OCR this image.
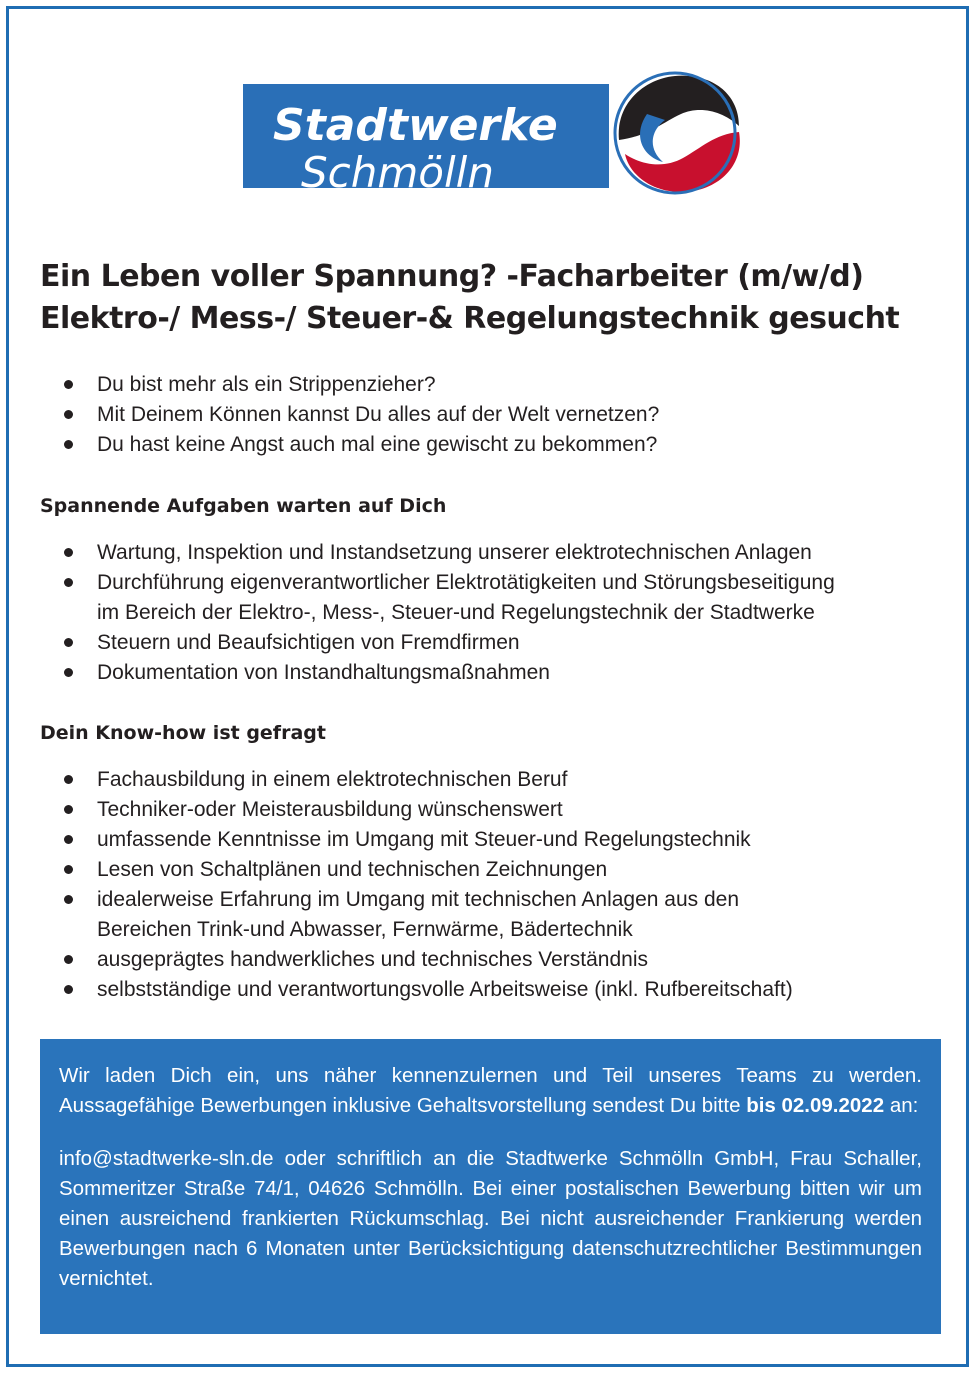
Stadtwerke
Schmölln
Ein Leben voller Spannung? -Facharbeiter (m/w/d)
Elektro-/ Mess-/ Steuer-& Regelungstechnik gesucht
Du bist mehr als ein Strippenzieher?
Mit Deinem Können kannst Du alles auf der Welt vernetzen?
Du hast keine Angst auch mal eine gewischt zu bekommen?
Spannende Aufgaben warten auf Dich
Wartung, Inspektion und Instandsetzung unserer elektrotechnischen Anlagen
Durchführung eigenverantwortlicher Elektrotätigkeiten und Störungsbeseitigung
im Bereich der Elektro-, Mess-, Steuer-und Regelungstechnik der Stadtwerke
Steuern und Beaufsichtigen von Fremdfirmen
Dokumentation von Instandhaltungsmaßnahmen
Dein Know-how ist gefragt
Fachausbildung in einem elektrotechnischen Beruf
Techniker-oder Meisterausbildung wünschenswert
umfassende Kenntnisse im Umgang mit Steuer-und Regelungstechnik
Lesen von Schaltplänen und technischen Zeichnungen
idealerweise Erfahrung im Umgang mit technischen Anlagen aus den
Bereichen Trink-und Abwasser, Fernwärme, Bädertechnik
ausgeprägtes handwerkliches und technisches Verständnis
selbstständige und verantwortungsvolle Arbeitsweise (inkl. Rufbereitschaft)

Wir laden Dich ein, uns näher kennenzulernen und Teil unseres Teams zu werden. Aussagefähige Bewerbungen inklusive Gehaltsvorstellung sendest Du bitte bis 02.09.2022 an:

info@stadtwerke-sln.de oder schriftlich an die Stadtwerke Schmölln GmbH, Frau Schaller, Sommeritzer Straße 74/1, 04626 Schmölln. Bei einer postalischen Bewerbung bitten wir um einen ausreichend frankierten Rückumschlag. Bei nicht ausreichender Frankierung werden Bewerbungen nach 6 Monaten unter Berücksichtigung datenschutzrechtlicher Bestimmungen vernichtet.
